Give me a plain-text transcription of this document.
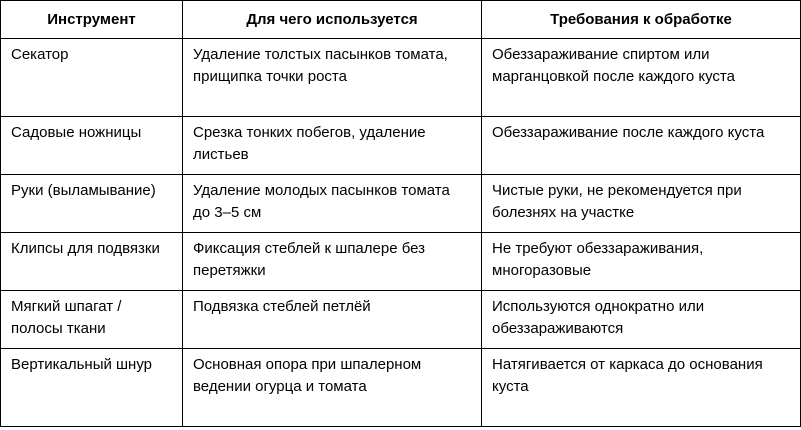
Инструмент	Для чего используется	Требования к обработке
Секатор	Удаление толстых пасынков томата, прищипка точки роста	Обеззараживание спиртом или марганцовкой после каждого куста
Садовые ножницы	Срезка тонких побегов, удаление листьев	Обеззараживание после каждого куста
Руки (выламывание)	Удаление молодых пасынков томата до 3–5 см	Чистые руки, не рекомендуется при болезнях на участке
Клипсы для подвязки	Фиксация стеблей к шпалере без перетяжки	Не требуют обеззараживания, многоразовые
Мягкий шпагат / полосы ткани	Подвязка стеблей петлёй	Используются однократно или обеззараживаются
Вертикальный шнур	Основная опора при шпалерном ведении огурца и томата	Натягивается от каркаса до основания куста
